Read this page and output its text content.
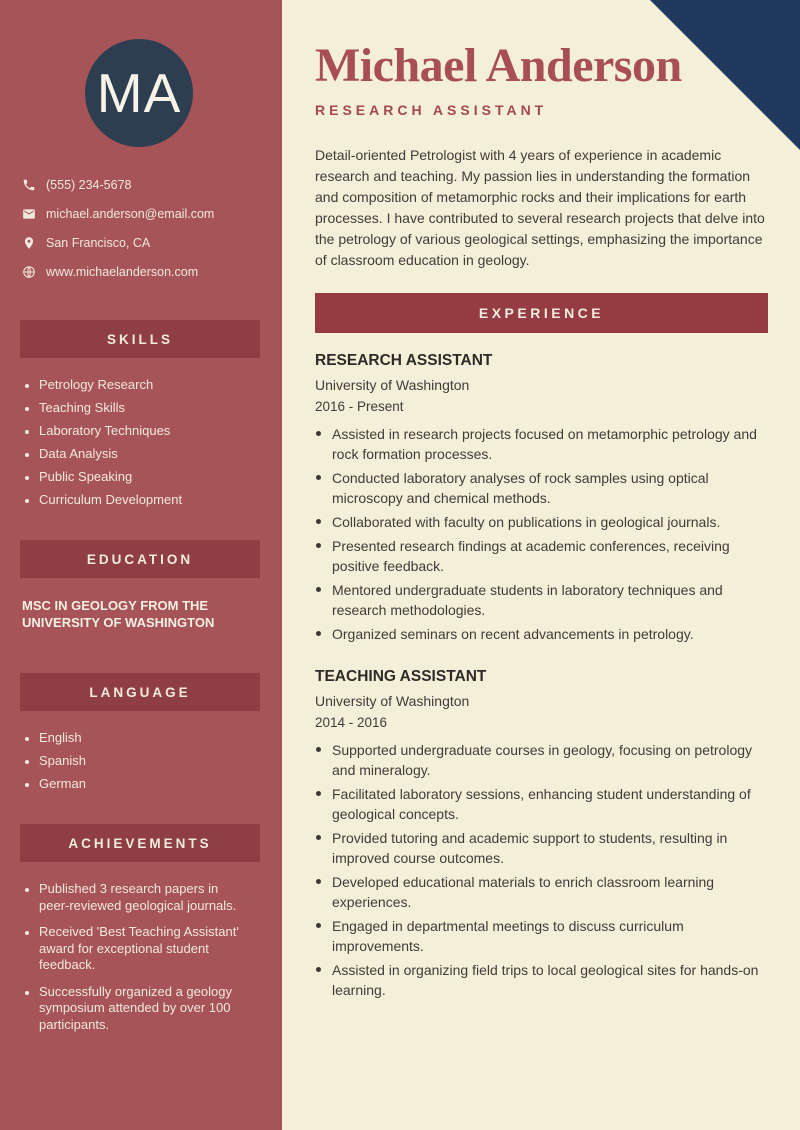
MA
(555) 234-5678
michael.anderson@email.com
San Francisco, CA
www.michaelanderson.com
SKILLS
Petrology Research
Teaching Skills
Laboratory Techniques
Data Analysis
Public Speaking
Curriculum Development
EDUCATION
MSC IN GEOLOGY FROM THE UNIVERSITY OF WASHINGTON
LANGUAGE
English
Spanish
German
ACHIEVEMENTS
Published 3 research papers in peer-reviewed geological journals.
Received 'Best Teaching Assistant' award for exceptional student feedback.
Successfully organized a geology symposium attended by over 100 participants.
Michael Anderson
RESEARCH ASSISTANT
Detail-oriented Petrologist with 4 years of experience in academic research and teaching. My passion lies in understanding the formation and composition of metamorphic rocks and their implications for earth processes. I have contributed to several research projects that delve into the petrology of various geological settings, emphasizing the importance of classroom education in geology.
EXPERIENCE
RESEARCH ASSISTANT
University of Washington
2016 - Present
Assisted in research projects focused on metamorphic petrology and rock formation processes.
Conducted laboratory analyses of rock samples using optical microscopy and chemical methods.
Collaborated with faculty on publications in geological journals.
Presented research findings at academic conferences, receiving positive feedback.
Mentored undergraduate students in laboratory techniques and research methodologies.
Organized seminars on recent advancements in petrology.
TEACHING ASSISTANT
University of Washington
2014 - 2016
Supported undergraduate courses in geology, focusing on petrology and mineralogy.
Facilitated laboratory sessions, enhancing student understanding of geological concepts.
Provided tutoring and academic support to students, resulting in improved course outcomes.
Developed educational materials to enrich classroom learning experiences.
Engaged in departmental meetings to discuss curriculum improvements.
Assisted in organizing field trips to local geological sites for hands-on learning.
